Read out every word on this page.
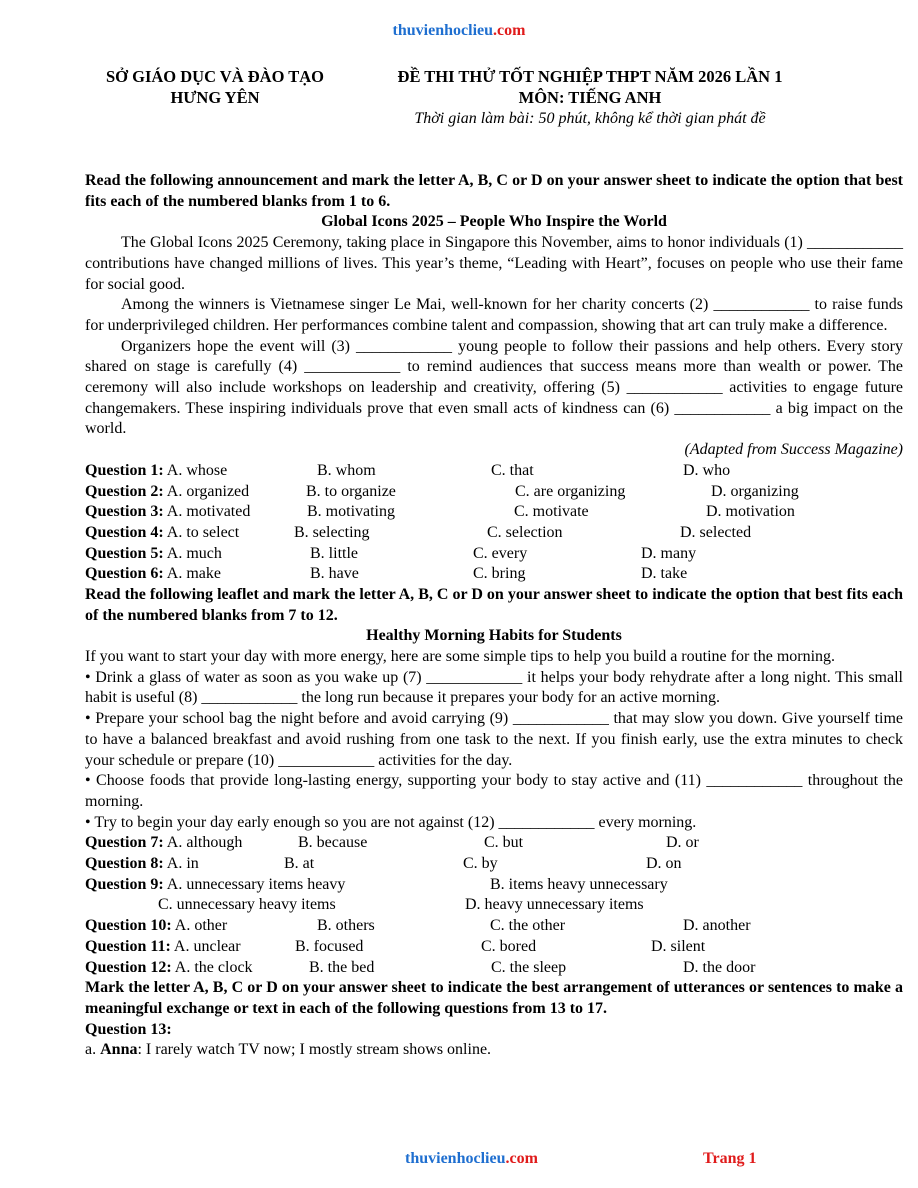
thuvienhoclieu.com
SỞ GIÁO DỤC VÀ ĐÀO TẠO
HƯNG YÊN
ĐỀ THI THỬ TỐT NGHIỆP THPT NĂM 2026 LẦN 1
MÔN: TIẾNG ANH
Thời gian làm bài: 50 phút, không kể thời gian phát đề

Read the following announcement and mark the letter A, B, C or D on your answer sheet to indicate the option that best fits each of the numbered blanks from 1 to 6.

Global Icons 2025 – People Who Inspire the World

The Global Icons 2025 Ceremony, taking place in Singapore this November, aims to honor individuals (1) ____________ contributions have changed millions of lives. This year’s theme, “Leading with Heart”, focuses on people who use their fame for social good.

Among the winners is Vietnamese singer Le Mai, well-known for her charity concerts (2) ____________ to raise funds for underprivileged children. Her performances combine talent and compassion, showing that art can truly make a difference.

Organizers hope the event will (3) ____________ young people to follow their passions and help others. Every story shared on stage is carefully (4) ____________ to remind audiences that success means more than wealth or power. The ceremony will also include workshops on leadership and creativity, offering (5) ____________ activities to engage future changemakers. These inspiring individuals prove that even small acts of kindness can (6) ____________ a big impact on the world.

(Adapted from Success Magazine)

Question 1: A. whose	B. whom	C. that	D. who
Question 2: A. organized	B. to organize	C. are organizing	D. organizing
Question 3: A. motivated	B. motivating	C. motivate	D. motivation
Question 4: A. to select	B. selecting	C. selection	D. selected
Question 5: A. much	B. little	C. every	D. many
Question 6: A. make	B. have	C. bring	D. take

Read the following leaflet and mark the letter A, B, C or D on your answer sheet to indicate the option that best fits each of the numbered blanks from 7 to 12.

Healthy Morning Habits for Students

If you want to start your day with more energy, here are some simple tips to help you build a routine for the morning.

• Drink a glass of water as soon as you wake up (7) ____________ it helps your body rehydrate after a long night. This small habit is useful (8) ____________ the long run because it prepares your body for an active morning.

• Prepare your school bag the night before and avoid carrying (9) ____________ that may slow you down. Give yourself time to have a balanced breakfast and avoid rushing from one task to the next. If you finish early, use the extra minutes to check your schedule or prepare (10) ____________ activities for the day.

• Choose foods that provide long-lasting energy, supporting your body to stay active and (11) ____________ throughout the morning.

• Try to begin your day early enough so you are not against (12) ____________ every morning.

Question 7: A. although	B. because	C. but	D. or
Question 8: A. in	B. at	C. by	D. on
Question 9: A. unnecessary items heavy	B. items heavy unnecessary
C. unnecessary heavy items	D. heavy unnecessary items
Question 10: A. other	B. others	C. the other	D. another
Question 11: A. unclear	B. focused	C. bored	D. silent
Question 12: A. the clock	B. the bed	C. the sleep	D. the door

Mark the letter A, B, C or D on your answer sheet to indicate the best arrangement of utterances or sentences to make a meaningful exchange or text in each of the following questions from 13 to 17.

Question 13:

a. Anna: I rarely watch TV now; I mostly stream shows online.

thuvienhoclieu.com	Trang 1
